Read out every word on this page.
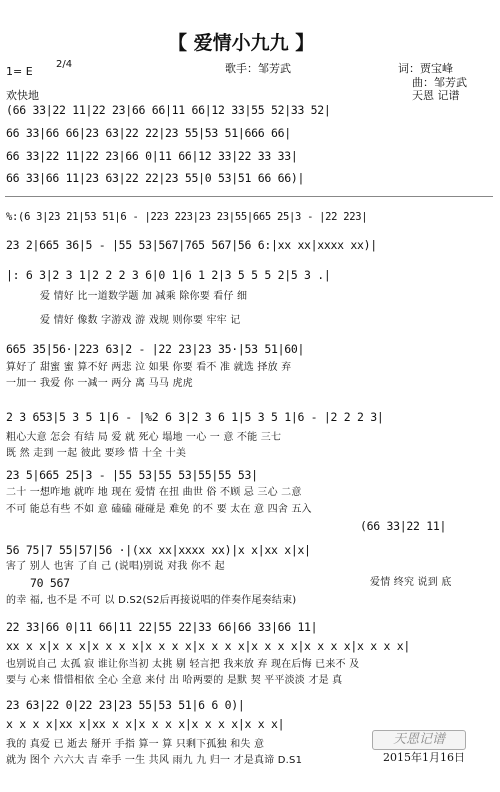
【 爱情小九九 】
歌手：邹芳武	词：贾宝峰
曲：邹芳武
天恩 记谱
1= E
2/4
欢快地
(66 33|22 11|22 23|66 66|11 66|12 33|55 52|33 52|
66 33|66 66|23 63|22 22|23 55|53 51|666 66|
66 33|22 11|22 23|66 0|11 66|12 33|22 33 33|
66 33|66 11|23 63|22 22|23 55|0 53|51 66 66)|
%:(6 3|23 21|53 51|6 - |223 223|23 23|55|665 25|3 - |22 223|
23 2|665 36|5 - |55 53|567|765 567|56 6:|xx xx|xxxx xx)|
|: 6 3|2 3 1|2 2 2 3 6|0 1|6 1 2|3 5 5 5 2|5 3 .|
爱 情好 比一道数学题 加 减乘 除你要 看仔 细
爱 情好 像数 字游戏 游 戏规 则你要 牢牢 记
665 35|56·|223 63|2 - |22 23|23 35·|53 51|60|
算好了 甜蜜 蜜 算不好 两悲 泣 如果 你要 看不 准 就选 择放 弃
一加一 我爱 你 一减一 两分 离 马马 虎虎
2 3 653|5 3 5 1|6 - |%2 6 3|2 3 6 1|5 3 5 1|6 - |2 2 2 3|
粗心大意 怎会 有结 局 爱 就 死心 塌地 一心 一 意 不能 三七
既 然 走到 一起 彼此 要珍 惜 十全 十美
23 5|665 25|3 - |55 53|55 53|55|55 53|
二十 一想咋地 就咋 地 现在 爱情 在扭 曲世 俗 不顾 忌 三心 二意
不可 能总有些 不如 意 磕磕 碰碰是 难免 的不 要 太在 意 四舍 五入
(66 33|22 11|
56 75|7 55|57|56 ·|(xx xx|xxxx xx)|x x|xx x|x|
害了 别人 也害 了自 己 (说唱)别说 对我 你不 起
70 567
的幸 福, 也不是 不可 以 D.S2(S2后再接说唱的伴奏作尾奏结束)
爱情 终究 说到 底
22 33|66 0|11 66|11 22|55 22|33 66|66 33|66 11|
xx x x|x x x|x x x x|x x x x|x x x x|x x x x|x x x x|x x x x|
也别说自己 太孤 寂 谁让你当初 太挑 剔 轻言把 我来放 弃 现在后悔 已来不 及
要与 心来 惜惜相依 全心 全意 来付 出 哈两要的 是默 契 平平淡淡 才是 真
23 63|22 0|22 23|23 55|53 51|6 6 0)|
x x x x|xx x|xx x x|x x x x|x x x x|x x x|
我的 真爱 已 逝去 掰开 手指 算一 算 只剩下孤独 和失 意
就为 图个 六六大 吉 牵手 一生 共风 雨九 九 归一 才是真谛 D.S1
天恩记谱
2015年1月16日
